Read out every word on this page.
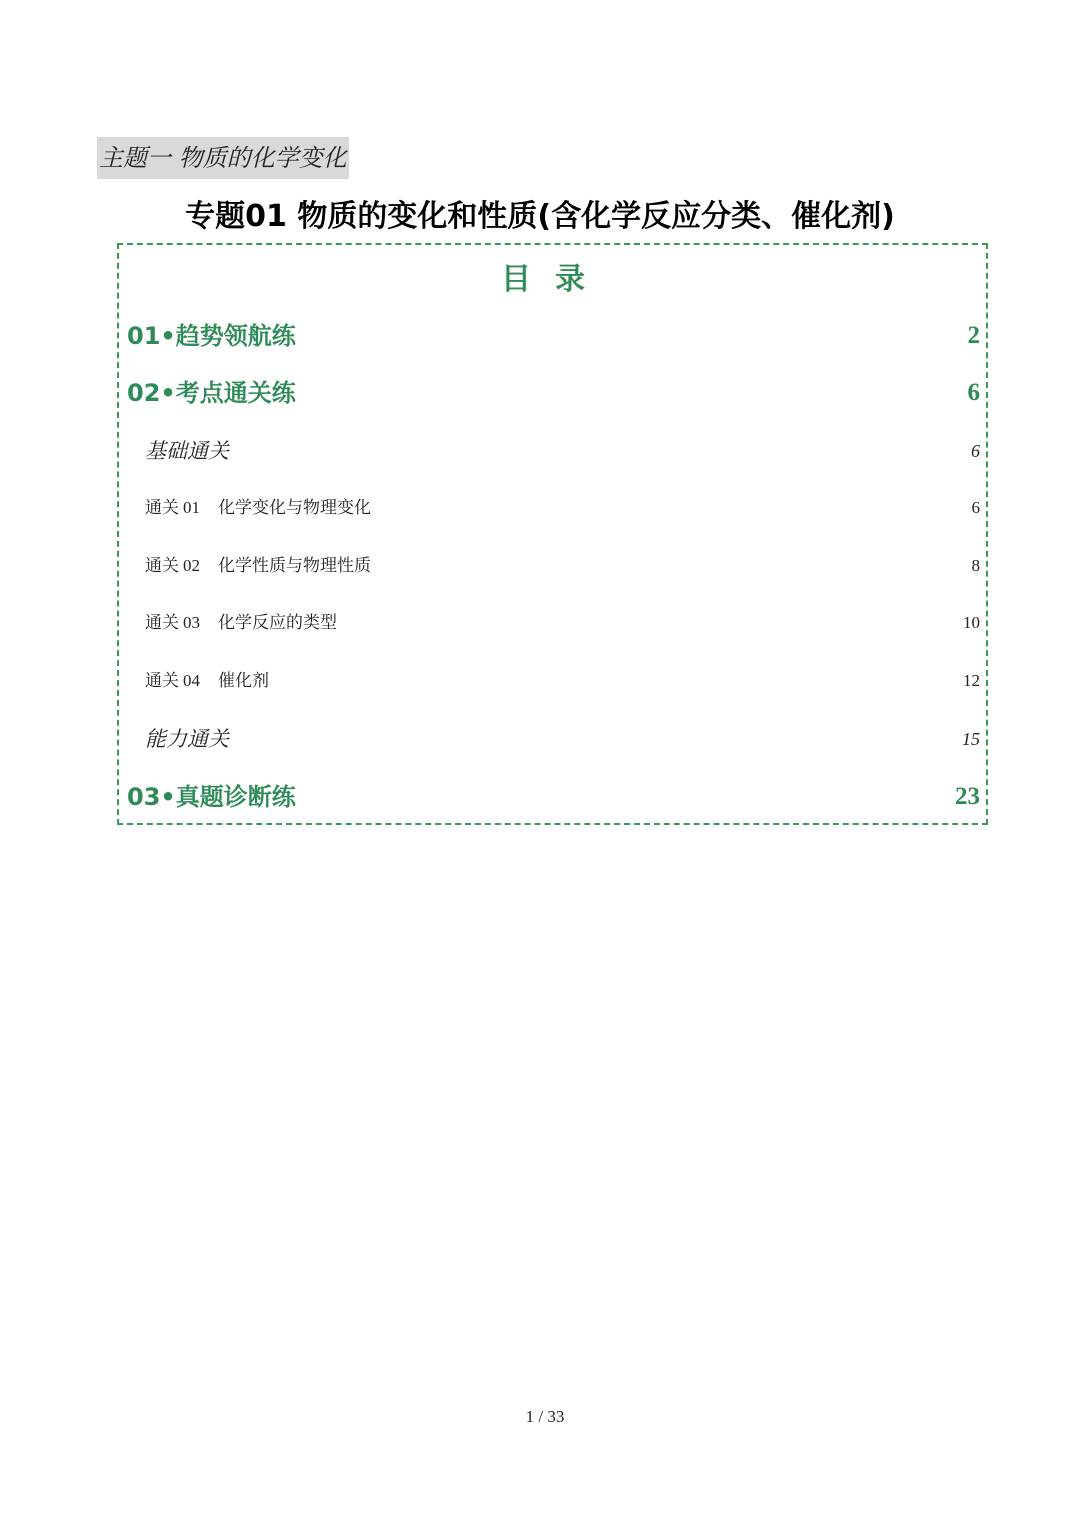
主题一 物质的化学变化
专题01 物质的变化和性质(含化学反应分类、催化剂)
目录
01•趋势领航练	2
02•考点通关练	6
基础通关	6
通关 01 化学变化与物理变化	6
通关 02 化学性质与物理性质	8
通关 03 化学反应的类型	10
通关 04 催化剂	12
能力通关	15
03•真题诊断练	23
1 / 33
